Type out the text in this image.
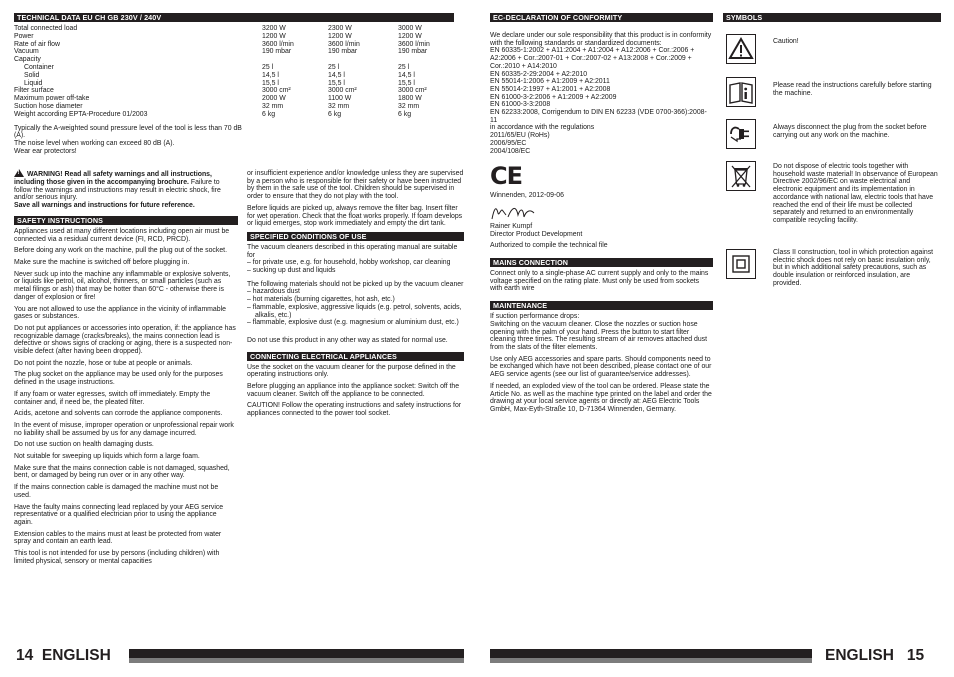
TECHNICAL DATA EU CH GB 230V / 240V
Total connected load	3200 W	2300 W	3000 W
Power	1200 W	1200 W	1200 W
Rate of air flow	3600 l/min	3600 l/min	3600 l/min
Vacuum	190 mbar	190 mbar	190 mbar
Capacity
Container	25 l	25 l	25 l
Solid	14,5 l	14,5 l	14,5 l
Liquid	15,5 l	15,5 l	15,5 l
Filter surface	3000 cm²	3000 cm²	3000 cm²
Maximum power off-take	2000 W	1100 W	1800 W
Suction hose diameter	32 mm	32 mm	32 mm
Weight according EPTA-Procedure 01/2003	6 kg	6 kg	6 kg
Typically the A-weighted sound pressure level of the tool is less than 70 dB (A).
The noise level when working can exceed 80 dB (A).
Wear ear protectors!
!WARNING! Read all safety warnings and all instructions, including those given in the accompanying brochure. Failure to follow the warnings and instructions may result in electric shock, fire and/or serious injury.
Save all warnings and instructions for future reference.
SAFETY INSTRUCTIONS
Appliances used at many different locations including open air must be connected via a residual current device (FI, RCD, PRCD).
Before doing any work on the machine, pull the plug out of the socket.
Make sure the machine is switched off before plugging in.
Never suck up into the machine any inflammable or explosive solvents, or liquids like petrol, oil, alcohol, thinners, or small particles (such as metal filings or ash) that may be hotter than 60°C - otherwise there is danger of explosion or fire!
You are not allowed to use the appliance in the vicinity of inflammable gases or substances.
Do not put appliances or accessories into operation, if: the appliance has recognizable damage (cracks/breaks), the mains connection lead is defective or shows signs of cracking or aging, there is a suspected non-visible defect (after having been dropped).
Do not point the nozzle, hose or tube at people or animals.
The plug socket on the appliance may be used only for the purposes defined in the usage instructions.
If any foam or water egresses, switch off immediately. Empty the container and, if need be, the pleated filter.
Acids, acetone and solvents can corrode the appliance components.
In the event of misuse, improper operation or unprofessional repair work no liability shall be assumed by us for any damage incurred.
Do not use suction on health damaging dusts.
Not suitable for sweeping up liquids which form a large foam.
Make sure that the mains connection cable is not damaged, squashed, bent, or damaged by being run over or in any other way.
If the mains connection cable is damaged the machine must not be used.
Have the faulty mains connecting lead replaced by your AEG service representative or a qualified electrician prior to using the appliance again.
Extension cables to the mains must at least be protected from water spray and contain an earth lead.
This tool is not intended for use by persons (including children) with limited physical, sensory or mental capacities
or insufficient experience and/or knowledge unless they are supervised by a person who is responsible for their safety or have been instructed by them in the safe use of the tool. Children should be supervised in order to ensure that they do not play with the tool.
Before liquids are picked up, always remove the filter bag. Insert filter for wet operation. Check that the float works properly. If foam develops or liquid emerges, stop work immediately and empty the dirt tank.
SPECIFIED CONDITIONS OF USE
The vacuum cleaners described in this operating manual are suitable for
– for private use, e.g. for household, hobby workshop, car cleaning
– sucking up dust and liquids
The following materials should not be picked up by the vacuum cleaner
– hazardous dust
– hot materials (burning cigarettes, hot ash, etc.)
– flammable, explosive, aggressive liquids (e.g. petrol, solvents, acids, alkalis, etc.)
– flammable, explosive dust (e.g. magnesium or aluminium dust, etc.)
Do not use this product in any other way as stated for normal use.
CONNECTING ELECTRICAL APPLIANCES
Use the socket on the vacuum cleaner for the purpose defined in the operating instructions only.
Before plugging an appliance into the appliance socket: Switch off the vacuum cleaner. Switch off the appliance to be connected.
CAUTION! Follow the operating instructions and safety instructions for appliances connected to the power tool socket.
14 ENGLISH
EC-DECLARATION OF CONFORMITY
We declare under our sole responsibility that this product is in conformity with the following standards or standardized documents:
EN 60335-1:2002 + A11:2004 + A1:2004 + A12:2006 + Cor.:2006 + A2:2006 + Cor.:2007-01 + Cor.:2007-02 + A13:2008 + Cor.:2009 + Cor.:2010 + A14:2010
EN 60335-2-29:2004 + A2:2010
EN 55014-1:2006 + A1:2009 + A2:2011
EN 55014-2:1997 + A1:2001 + A2:2008
EN 61000-3-2:2006 + A1:2009 + A2:2009
EN 61000-3-3:2008
EN 62233:2008, Corrigendum to DIN EN 62233 (VDE 0700-366):2008-11
in accordance with the regulations
2011/65/EU (RoHs)
2006/95/EC
2004/108/EC
CE
Winnenden, 2012-09-06
Rainer Kumpf
Director Product Development
Authorized to compile the technical file
MAINS CONNECTION
Connect only to a single-phase AC current supply and only to the mains voltage specified on the rating plate. Must only be used from sockets with earth wire
MAINTENANCE
If suction performance drops:
Switching on the vacuum cleaner. Close the nozzles or suction hose opening with the palm of your hand. Press the button to start filter cleaning three times. The resulting stream of air removes attached dust from the slats of the filter elements.
Use only AEG accessories and spare parts. Should components need to be exchanged which have not been described, please contact one of our AEG service agents (see our list of guarantee/service addresses).
If needed, an exploded view of the tool can be ordered. Please state the Article No. as well as the machine type printed on the label and order the drawing at your local service agents or directly at: AEG Electric Tools GmbH, Max-Eyth-Straße 10, D-71364 Winnenden, Germany.
SYMBOLS
Caution!
Please read the instructions carefully before starting the machine.
Always disconnect the plug from the socket before carrying out any work on the machine.
Do not dispose of electric tools together with household waste material! In observance of European Directive 2002/96/EC on waste electrical and electronic equipment and its implementation in accordance with national law, electric tools that have reached the end of their life must be collected separately and returned to an environmentally compatible recycling facility.
Class II construction, tool in which protection against electric shock does not rely on basic insulation only, but in which additional safety precautions, such as double insulation or reinforced insulation, are provided.
ENGLISH 15
